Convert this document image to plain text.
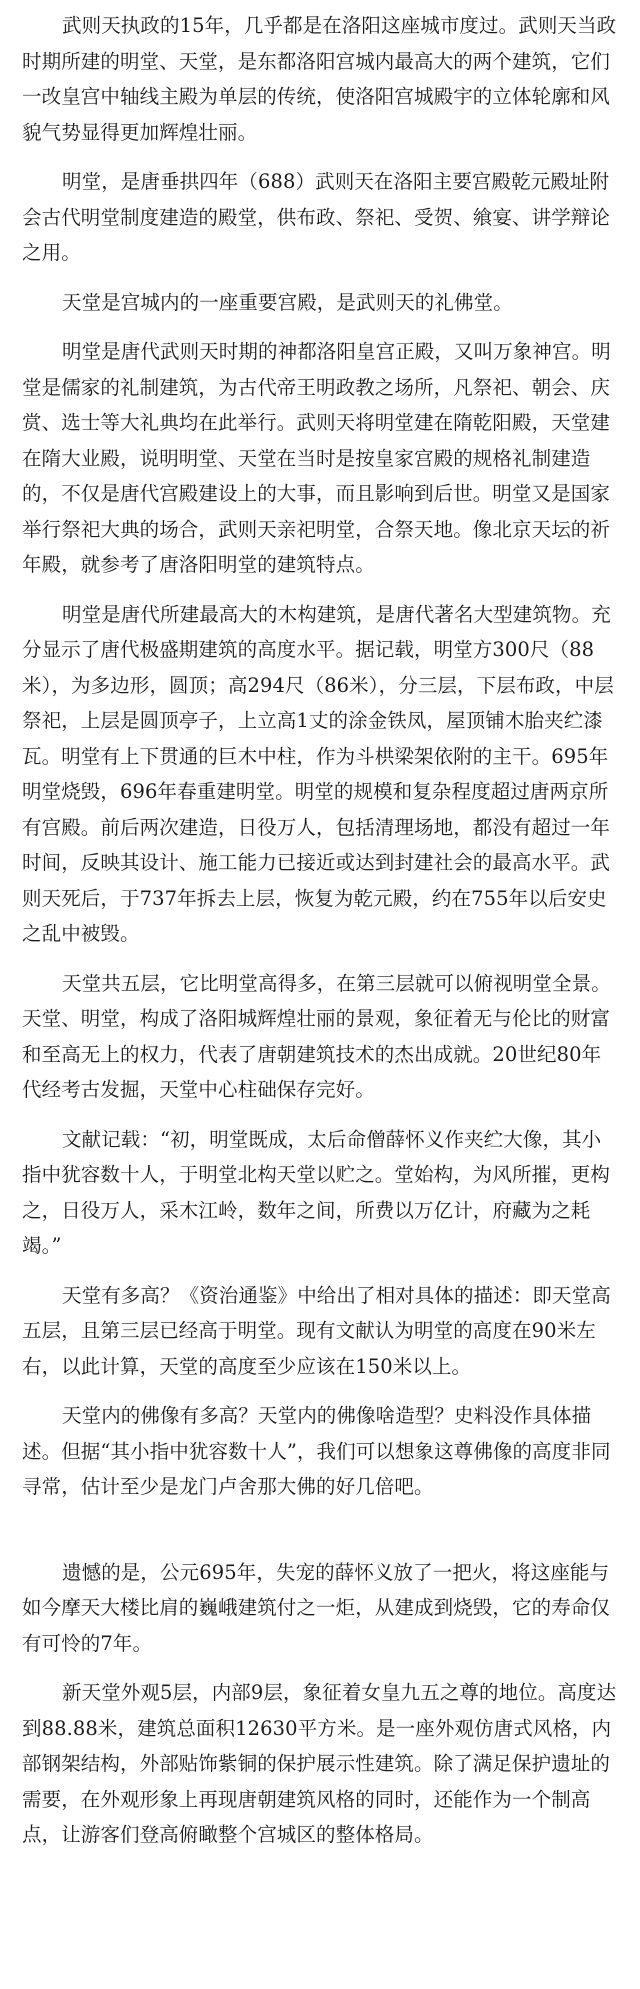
武则天执政的15年，几乎都是在洛阳这座城市度过。武则天当政时期所建的明堂、天堂，是东都洛阳宫城内最高大的两个建筑，它们一改皇宫中轴线主殿为单层的传统，使洛阳宫城殿宇的立体轮廓和风貌气势显得更加辉煌壮丽。

明堂，是唐垂拱四年（688）武则天在洛阳主要宫殿乾元殿址附会古代明堂制度建造的殿堂，供布政、祭祀、受贺、飨宴、讲学辩论之用。

天堂是宫城内的一座重要宫殿，是武则天的礼佛堂。

明堂是唐代武则天时期的神都洛阳皇宫正殿，又叫万象神宫。明堂是儒家的礼制建筑，为古代帝王明政教之场所，凡祭祀、朝会、庆赏、选士等大礼典均在此举行。武则天将明堂建在隋乾阳殿，天堂建在隋大业殿，说明明堂、天堂在当时是按皇家宫殿的规格礼制建造的，不仅是唐代宫殿建设上的大事，而且影响到后世。明堂又是国家举行祭祀大典的场合，武则天亲祀明堂，合祭天地。像北京天坛的祈年殿，就参考了唐洛阳明堂的建筑特点。

明堂是唐代所建最高大的木构建筑，是唐代著名大型建筑物。充分显示了唐代极盛期建筑的高度水平。据记载，明堂方300尺（88米），为多边形，圆顶；高294尺（86米），分三层，下层布政，中层祭祀，上层是圆顶亭子，上立高1丈的涂金铁凤，屋顶铺木胎夹纻漆瓦。明堂有上下贯通的巨木中柱，作为斗栱梁架依附的主干。695年明堂烧毁，696年春重建明堂。明堂的规模和复杂程度超过唐两京所有宫殿。前后两次建造，日役万人，包括清理场地，都没有超过一年时间，反映其设计、施工能力已接近或达到封建社会的最高水平。武则天死后，于737年拆去上层，恢复为乾元殿，约在755年以后安史之乱中被毁。

天堂共五层，它比明堂高得多，在第三层就可以俯视明堂全景。天堂、明堂，构成了洛阳城辉煌壮丽的景观，象征着无与伦比的财富和至高无上的权力，代表了唐朝建筑技术的杰出成就。20世纪80年代经考古发掘，天堂中心柱础保存完好。

文献记载：“初，明堂既成，太后命僧薛怀义作夹纻大像，其小指中犹容数十人，于明堂北构天堂以贮之。堂始构，为风所摧，更构之，日役万人，采木江岭，数年之间，所费以万亿计，府藏为之耗竭。”

天堂有多高？《资治通鉴》中给出了相对具体的描述：即天堂高五层，且第三层已经高于明堂。现有文献认为明堂的高度在90米左右，以此计算，天堂的高度至少应该在150米以上。

天堂内的佛像有多高？天堂内的佛像啥造型？史料没作具体描述。但据“其小指中犹容数十人”，我们可以想象这尊佛像的高度非同寻常，估计至少是龙门卢舍那大佛的好几倍吧。

遗憾的是，公元695年，失宠的薛怀义放了一把火，将这座能与如今摩天大楼比肩的巍峨建筑付之一炬，从建成到烧毁，它的寿命仅有可怜的7年。

新天堂外观5层，内部9层，象征着女皇九五之尊的地位。高度达到88.88米，建筑总面积12630平方米。是一座外观仿唐式风格，内部钢架结构，外部贴饰紫铜的保护展示性建筑。除了满足保护遗址的需要，在外观形象上再现唐朝建筑风格的同时，还能作为一个制高点，让游客们登高俯瞰整个宫城区的整体格局。
